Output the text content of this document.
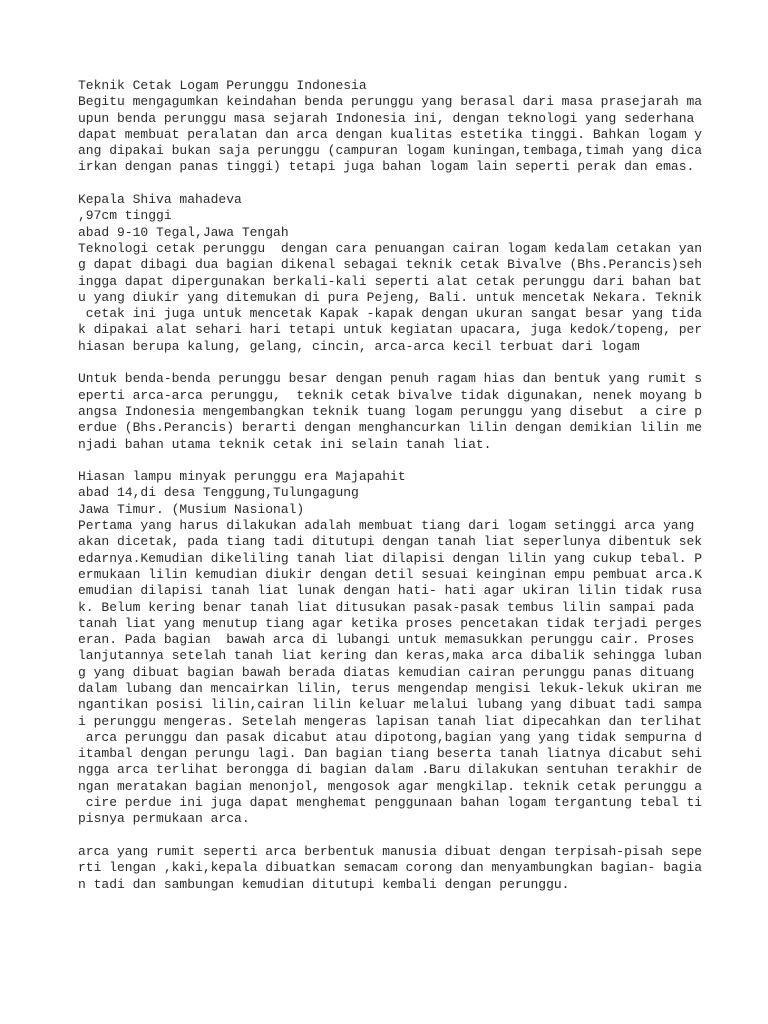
Teknik Cetak Logam Perunggu Indonesia
Begitu mengagumkan keindahan benda perunggu yang berasal dari masa prasejarah ma
upun benda perunggu masa sejarah Indonesia ini, dengan teknologi yang sederhana
dapat membuat peralatan dan arca dengan kualitas estetika tinggi. Bahkan logam y
ang dipakai bukan saja perunggu (campuran logam kuningan,tembaga,timah yang dica
irkan dengan panas tinggi) tetapi juga bahan logam lain seperti perak dan emas.
Kepala Shiva mahadeva
,97cm tinggi
abad 9-10 Tegal,Jawa Tengah
Teknologi cetak perunggu  dengan cara penuangan cairan logam kedalam cetakan yan
g dapat dibagi dua bagian dikenal sebagai teknik cetak Bivalve (Bhs.Perancis)seh
ingga dapat dipergunakan berkali-kali seperti alat cetak perunggu dari bahan bat
u yang diukir yang ditemukan di pura Pejeng, Bali. untuk mencetak Nekara. Teknik
cetak ini juga untuk mencetak Kapak -kapak dengan ukuran sangat besar yang tida
k dipakai alat sehari hari tetapi untuk kegiatan upacara, juga kedok/topeng, per
hiasan berupa kalung, gelang, cincin, arca-arca kecil terbuat dari logam
Untuk benda-benda perunggu besar dengan penuh ragam hias dan bentuk yang rumit s
eperti arca-arca perunggu,  teknik cetak bivalve tidak digunakan, nenek moyang b
angsa Indonesia mengembangkan teknik tuang logam perunggu yang disebut  a cire p
erdue (Bhs.Perancis) berarti dengan menghancurkan lilin dengan demikian lilin me
njadi bahan utama teknik cetak ini selain tanah liat.
Hiasan lampu minyak perunggu era Majapahit
abad 14,di desa Tenggung,Tulungagung
Jawa Timur. (Musium Nasional)
Pertama yang harus dilakukan adalah membuat tiang dari logam setinggi arca yang
akan dicetak, pada tiang tadi ditutupi dengan tanah liat seperlunya dibentuk sek
edarnya.Kemudian dikeliling tanah liat dilapisi dengan lilin yang cukup tebal. P
ermukaan lilin kemudian diukir dengan detil sesuai keinginan empu pembuat arca.K
emudian dilapisi tanah liat lunak dengan hati- hati agar ukiran lilin tidak rusa
k. Belum kering benar tanah liat ditusukan pasak-pasak tembus lilin sampai pada
tanah liat yang menutup tiang agar ketika proses pencetakan tidak terjadi perges
eran. Pada bagian  bawah arca di lubangi untuk memasukkan perunggu cair. Proses
lanjutannya setelah tanah liat kering dan keras,maka arca dibalik sehingga luban
g yang dibuat bagian bawah berada diatas kemudian cairan perunggu panas dituang
dalam lubang dan mencairkan lilin, terus mengendap mengisi lekuk-lekuk ukiran me
ngantikan posisi lilin,cairan lilin keluar melalui lubang yang dibuat tadi sampa
i perunggu mengeras. Setelah mengeras lapisan tanah liat dipecahkan dan terlihat
arca perunggu dan pasak dicabut atau dipotong,bagian yang yang tidak sempurna d
itambal dengan perungu lagi. Dan bagian tiang beserta tanah liatnya dicabut sehi
ngga arca terlihat berongga di bagian dalam .Baru dilakukan sentuhan terakhir de
ngan meratakan bagian menonjol, mengosok agar mengkilap. teknik cetak perunggu a
cire perdue ini juga dapat menghemat penggunaan bahan logam tergantung tebal ti
pisnya permukaan arca.
arca yang rumit seperti arca berbentuk manusia dibuat dengan terpisah-pisah sepe
rti lengan ,kaki,kepala dibuatkan semacam corong dan menyambungkan bagian- bagia
n tadi dan sambungan kemudian ditutupi kembali dengan perunggu.
